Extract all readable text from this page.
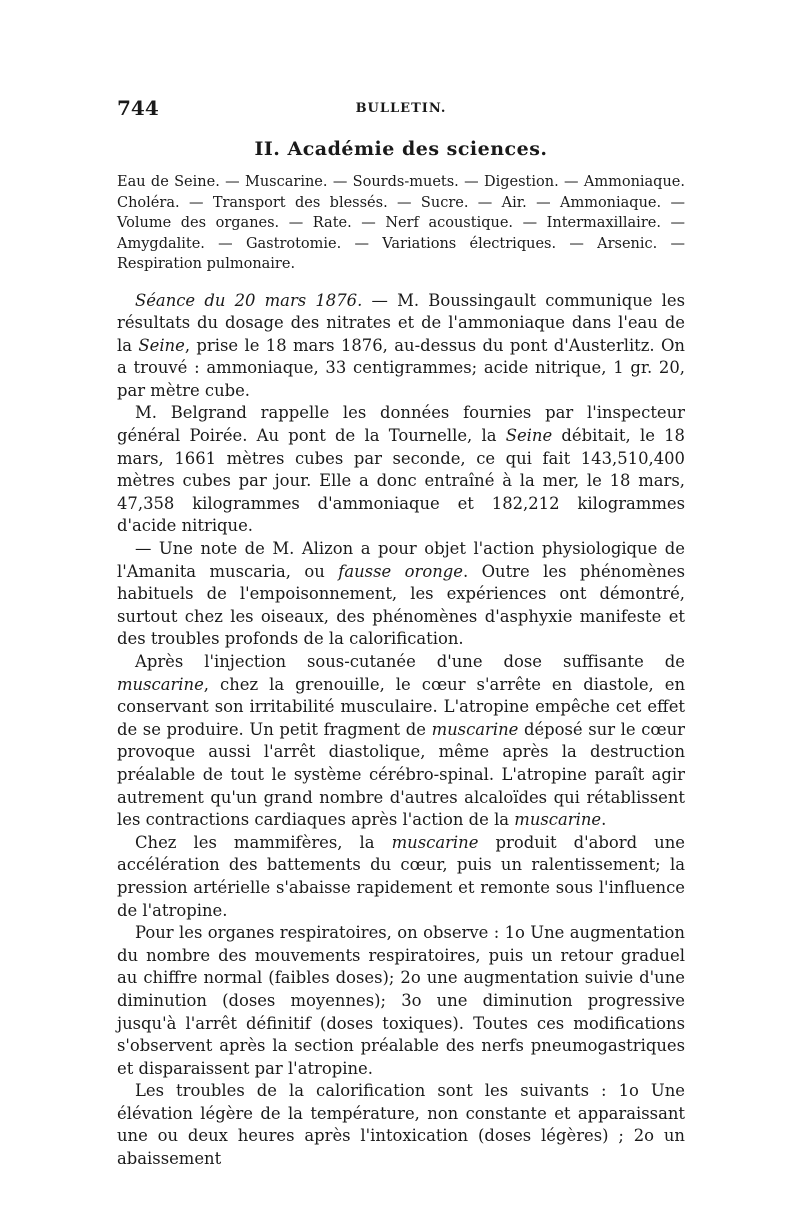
744	BULLETIN.
II. Académie des sciences.

Eau de Seine. — Muscarine. — Sourds-muets. — Digestion. — Ammoniaque. Choléra. — Transport des blessés. — Sucre. — Air. — Ammoniaque. — Volume des organes. — Rate. — Nerf acoustique. — Intermaxillaire. — Amygdalite. — Gastrotomie. — Variations électriques. — Arsenic. — Respiration pulmonaire.

Séance du 20 mars 1876. — M. Boussingault communique les résultats du dosage des nitrates et de l'ammoniaque dans l'eau de la Seine, prise le 18 mars 1876, au-dessus du pont d'Austerlitz. On a trouvé : ammoniaque, 33 centigrammes; acide nitrique, 1 gr. 20, par mètre cube.

M. Belgrand rappelle les données fournies par l'inspecteur général Poirée. Au pont de la Tournelle, la Seine débitait, le 18 mars, 1661 mètres cubes par seconde, ce qui fait 143,510,400 mètres cubes par jour. Elle a donc entraîné à la mer, le 18 mars, 47,358 kilogrammes d'ammoniaque et 182,212 kilogrammes d'acide nitrique.

— Une note de M. Alizon a pour objet l'action physiologique de l'Amanita muscaria, ou fausse oronge. Outre les phénomènes habituels de l'empoisonnement, les expériences ont démontré, surtout chez les oiseaux, des phénomènes d'asphyxie manifeste et des troubles profonds de la calorification.

Après l'injection sous-cutanée d'une dose suffisante de muscarine, chez la grenouille, le cœur s'arrête en diastole, en conservant son irritabilité musculaire. L'atropine empêche cet effet de se produire. Un petit fragment de muscarine déposé sur le cœur provoque aussi l'arrêt diastolique, même après la destruction préalable de tout le système cérébro-spinal. L'atropine paraît agir autrement qu'un grand nombre d'autres alcaloïdes qui rétablissent les contractions cardiaques après l'action de la muscarine.

Chez les mammifères, la muscarine produit d'abord une accélération des battements du cœur, puis un ralentissement; la pression artérielle s'abaisse rapidement et remonte sous l'influence de l'atropine.

Pour les organes respiratoires, on observe : 1o Une augmentation du nombre des mouvements respiratoires, puis un retour graduel au chiffre normal (faibles doses); 2o une augmentation suivie d'une diminution (doses moyennes); 3o une diminution progressive jusqu'à l'arrêt définitif (doses toxiques). Toutes ces modifications s'observent après la section préalable des nerfs pneumogastriques et disparaissent par l'atropine.

Les troubles de la calorification sont les suivants : 1o Une élévation légère de la température, non constante et apparaissant une ou deux heures après l'intoxication (doses légères) ; 2o un abaissement
